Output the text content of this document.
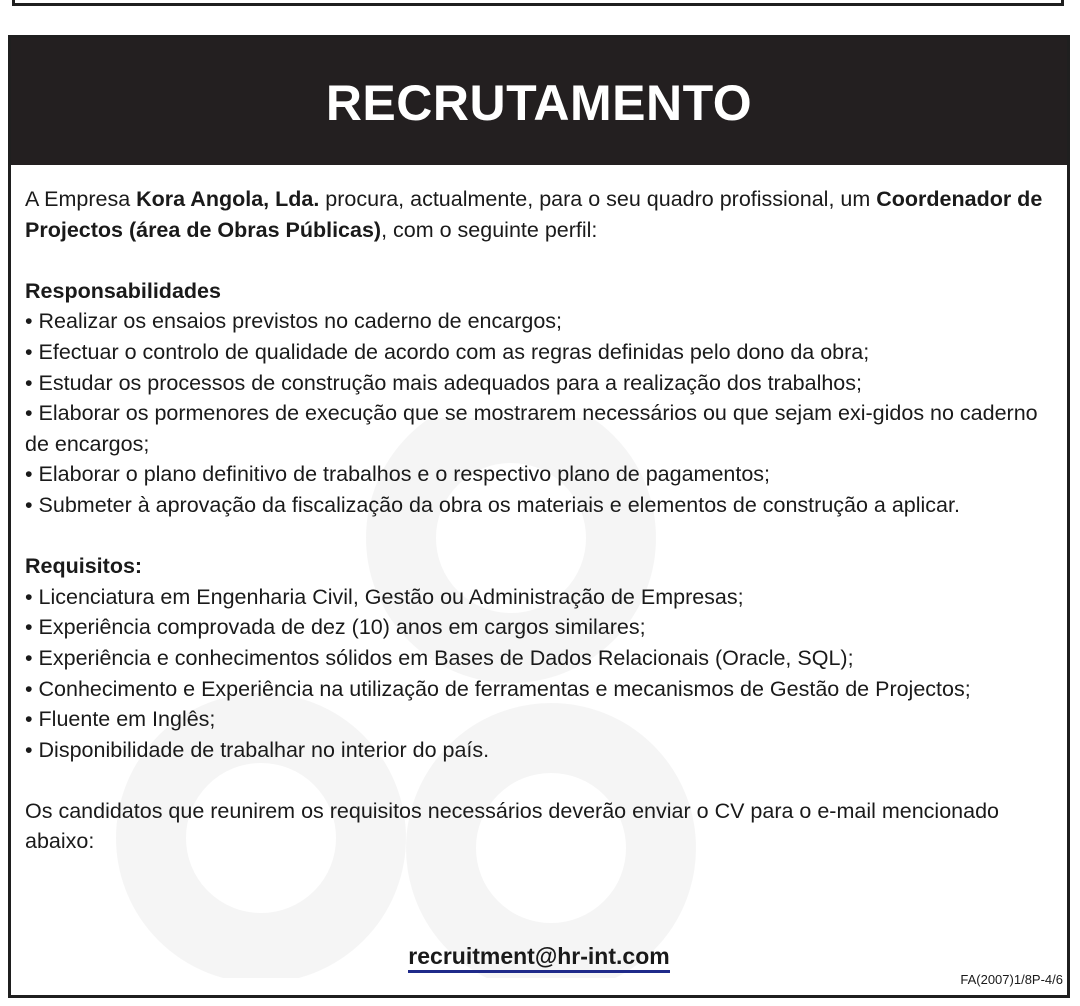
RECRUTAMENTO

A Empresa Kora Angola, Lda. procura, actualmente, para o seu quadro profissional, um Coordenador de Projectos (área de Obras Públicas), com o seguinte perfil:

Responsabilidades

• Realizar os ensaios previstos no caderno de encargos;
• Efectuar o controlo de qualidade de acordo com as regras definidas pelo dono da obra;
• Estudar os processos de construção mais adequados para a realização dos trabalhos;
• Elaborar os pormenores de execução que se mostrarem necessários ou que sejam exi-gidos no caderno de encargos;
• Elaborar o plano definitivo de trabalhos e o respectivo plano de pagamentos;
• Submeter à aprovação da fiscalização da obra os materiais e elementos de construção a aplicar.

Requisitos:

• Licenciatura em Engenharia Civil, Gestão ou Administração de Empresas;
• Experiência comprovada de dez (10) anos em cargos similares;
• Experiência e conhecimentos sólidos em Bases de Dados Relacionais (Oracle, SQL);
• Conhecimento e Experiência na utilização de ferramentas e mecanismos de Gestão de Projectos;
• Fluente em Inglês;
• Disponibilidade de trabalhar no interior do país.

Os candidatos que reunirem os requisitos necessários deverão enviar o CV para o e-mail mencionado abaixo:

recruitment@hr-int.com
FA(2007)1/8P-4/6
